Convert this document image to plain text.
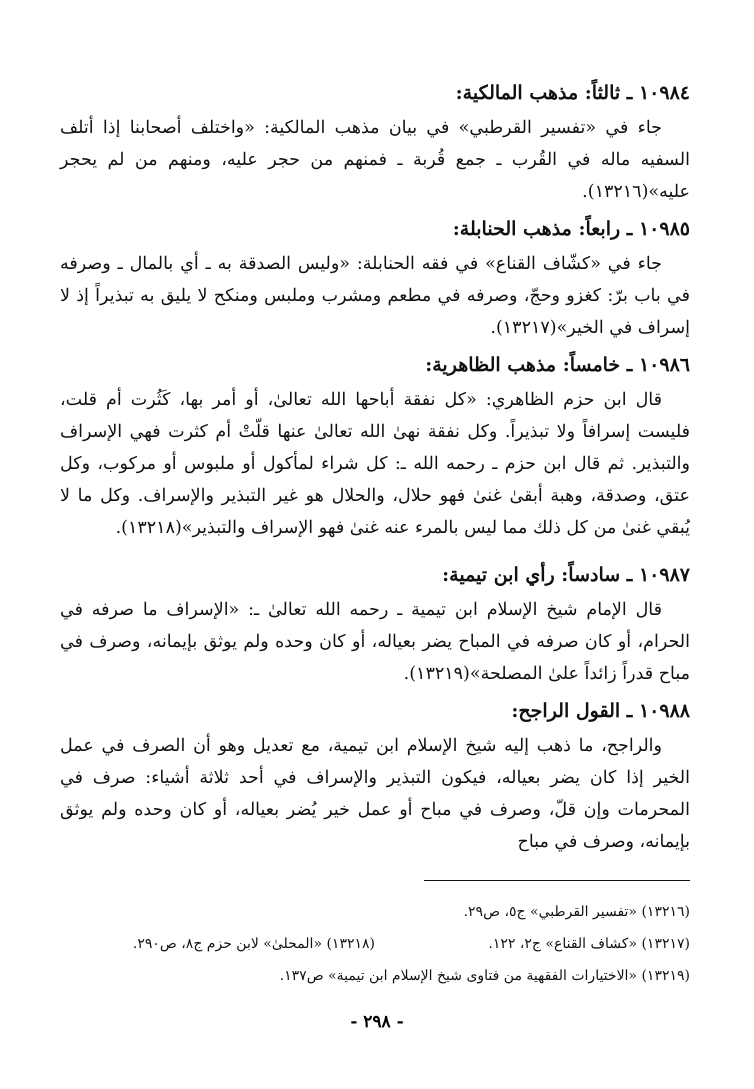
١٠٩٨٤ ـ ثالثاً: مذهب المالكية:

جاء في «تفسير القرطبي» في بيان مذهب المالكية: «واختلف أصحابنا إذا أتلف السفيه ماله في القُرب ـ جمع قُربة ـ فمنهم من حجر عليه، ومنهم من لم يحجر عليه»(١٣٢١٦).

١٠٩٨٥ ـ رابعاً: مذهب الحنابلة:

جاء في «كشّاف القناع» في فقه الحنابلة: «وليس الصدقة به ـ أي بالمال ـ وصرفه في باب برّ: كغزو وحجّ، وصرفه في مطعم ومشرب وملبس ومنكح لا يليق به تبذيراً إذ لا إسراف في الخير»(١٣٢١٧).

١٠٩٨٦ ـ خامساً: مذهب الظاهرية:

قال ابن حزم الظاهري: «كل نفقة أباحها الله تعالىٰ، أو أمر بها، كَثُرت أم قلت، فليست إسرافاً ولا تبذيراً. وكل نفقة نهىٰ الله تعالىٰ عنها قلّتْ أم كثرت فهي الإسراف والتبذير. ثم قال ابن حزم ـ رحمه الله ـ: كل شراء لمأكول أو ملبوس أو مركوب، وكل عتق، وصدقة، وهبة أبقىٰ غنىٰ فهو حلال، والحلال هو غير التبذير والإسراف. وكل ما لا يُبقي غنىٰ من كل ذلك مما ليس بالمرء عنه غنىٰ فهو الإسراف والتبذير»(١٣٢١٨).

١٠٩٨٧ ـ سادساً: رأي ابن تيمية:

قال الإمام شيخ الإسلام ابن تيمية ـ رحمه الله تعالىٰ ـ: «الإسراف ما صرفه في الحرام، أو كان صرفه في المباح يضر بعياله، أو كان وحده ولم يوثق بإيمانه، وصرف في مباح قدراً زائداً علىٰ المصلحة»(١٣٢١٩).

١٠٩٨٨ ـ القول الراجح:

والراجح، ما ذهب إليه شيخ الإسلام ابن تيمية، مع تعديل وهو أن الصرف في عمل الخير إذا كان يضر بعياله، فيكون التبذير والإسراف في أحد ثلاثة أشياء: صرف في المحرمات وإن قلّ، وصرف في مباح أو عمل خير يُضر بعياله، أو كان وحده ولم يوثق بإيمانه، وصرف في مباح

(١٣٢١٦) «تفسير القرطبي» ج٥، ص٢٩.
(١٣٢١٧) «كشاف القناع» ج٢، ١٢٢.(١٣٢١٨) «المحلىٰ» لابن حزم ج٨، ص٢٩٠.
(١٣٢١٩) «الاختيارات الفقهية من فتاوى شيخ الإسلام ابن تيمية» ص١٣٧.
- ٢٩٨ -
